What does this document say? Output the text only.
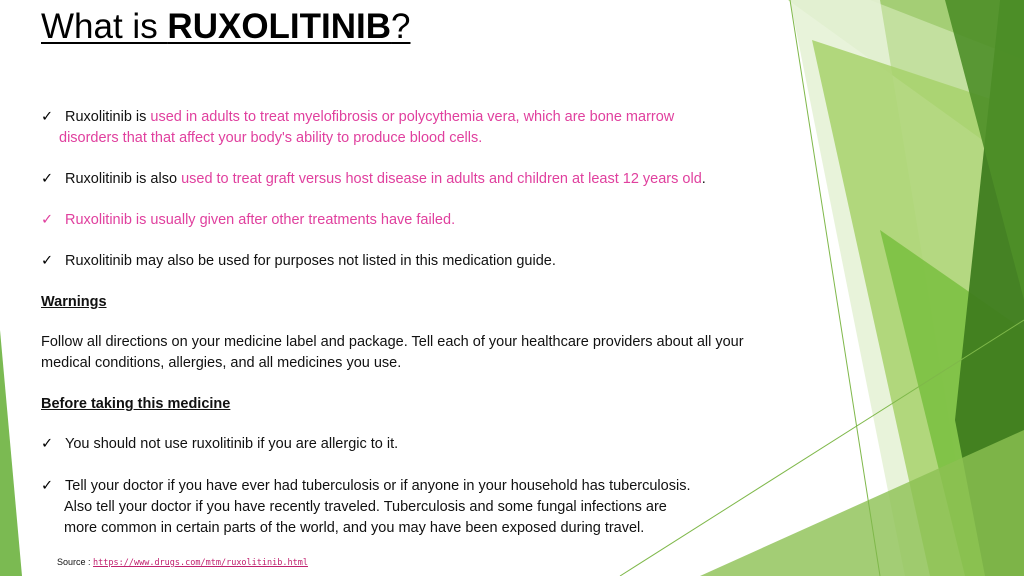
What is RUXOLITINIB?
✓ Ruxolitinib is used in adults to treat myelofibrosis or polycythemia vera, which are bone marrow
disorders that that affect your body's ability to produce blood cells.
✓ Ruxolitinib is also used to treat graft versus host disease in adults and children at least 12 years old.
✓ Ruxolitinib is usually given after other treatments have failed.
✓ Ruxolitinib may also be used for purposes not listed in this medication guide.
Warnings
Follow all directions on your medicine label and package. Tell each of your healthcare providers about all your
medical conditions, allergies, and all medicines you use.
Before taking this medicine
✓ You should not use ruxolitinib if you are allergic to it.
✓ Tell your doctor if you have ever had tuberculosis or if anyone in your household has tuberculosis.
Also tell your doctor if you have recently traveled. Tuberculosis and some fungal infections are
more common in certain parts of the world, and you may have been exposed during travel.
Source : https://www.drugs.com/mtm/ruxolitinib.html
